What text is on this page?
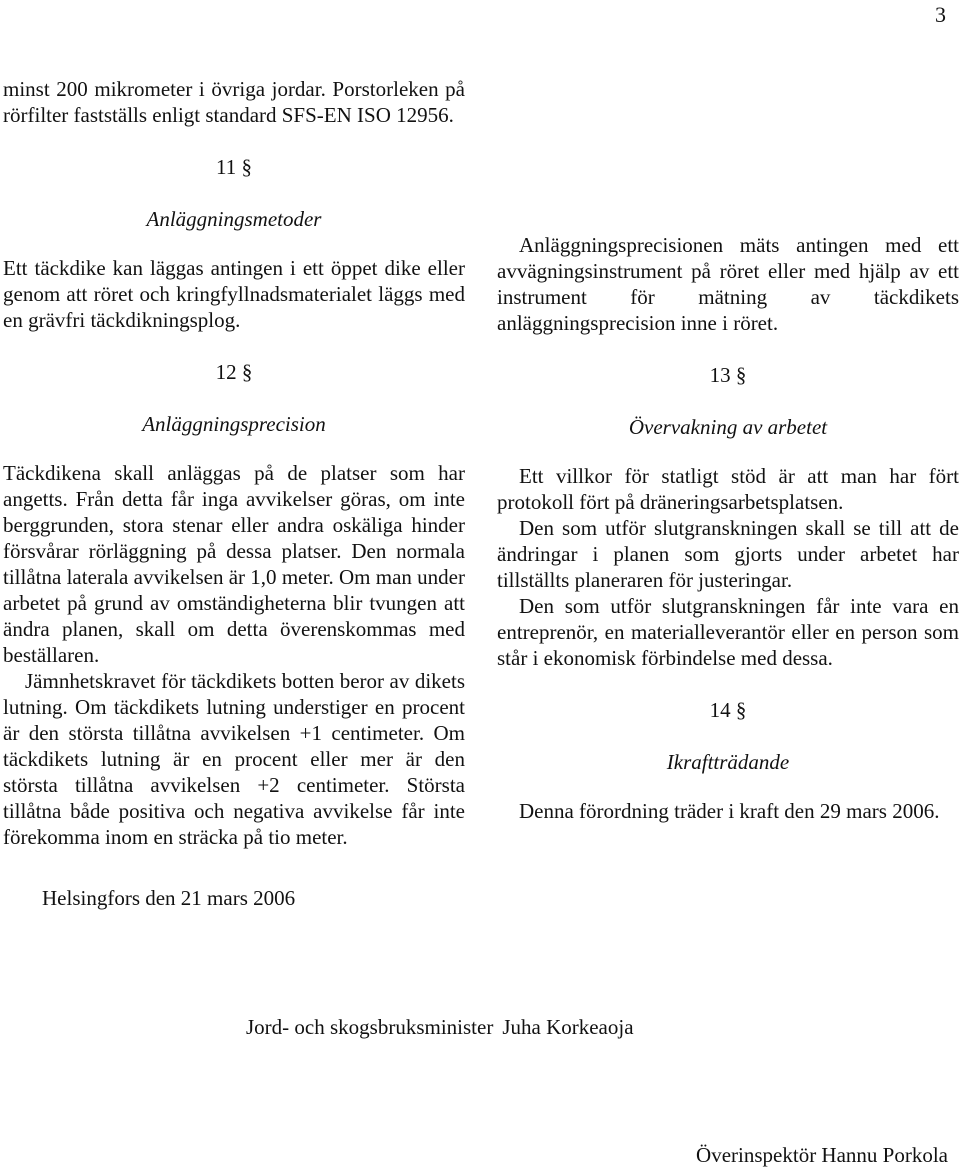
3

minst 200 mikrometer i övriga jordar. Porstorleken på rörfilter fastställs enligt standard SFS-EN ISO 12956.

11 §

Anläggningsmetoder

Ett täckdike kan läggas antingen i ett öppet dike eller genom att röret och kringfyllnadsmaterialet läggs med en grävfri täckdikningsplog.

12 §

Anläggningsprecision

Täckdikena skall anläggas på de platser som har angetts. Från detta får inga avvikelser göras, om inte berggrunden, stora stenar eller andra oskäliga hinder försvårar rörläggning på dessa platser. Den normala tillåtna laterala avvikelsen är 1,0 meter. Om man under arbetet på grund av omständigheterna blir tvungen att ändra planen, skall om detta överenskommas med beställaren.

Jämnhetskravet för täckdikets botten beror av dikets lutning. Om täckdikets lutning understiger en procent är den största tillåtna avvikelsen +1 centimeter. Om täckdikets lutning är en procent eller mer är den största tillåtna avvikelsen +2 centimeter. Största tillåtna både positiva och negativa avvikelse får inte förekomma inom en sträcka på tio meter.

Anläggningsprecisionen mäts antingen med ett avvägningsinstrument på röret eller med hjälp av ett instrument för mätning av täckdikets anläggningsprecision inne i röret.

13 §

Övervakning av arbetet

Ett villkor för statligt stöd är att man har fört protokoll fört på dräneringsarbetsplatsen.

Den som utför slutgranskningen skall se till att de ändringar i planen som gjorts under arbetet har tillställts planeraren för justeringar.

Den som utför slutgranskningen får inte vara en entreprenör, en materialleverantör eller en person som står i ekonomisk förbindelse med dessa.

14 §

Ikraftträdande

Denna förordning träder i kraft den 29 mars 2006.

Helsingfors den 21 mars 2006
Jord- och skogsbruksminister Juha Korkeaoja
Överinspektör Hannu Porkola
